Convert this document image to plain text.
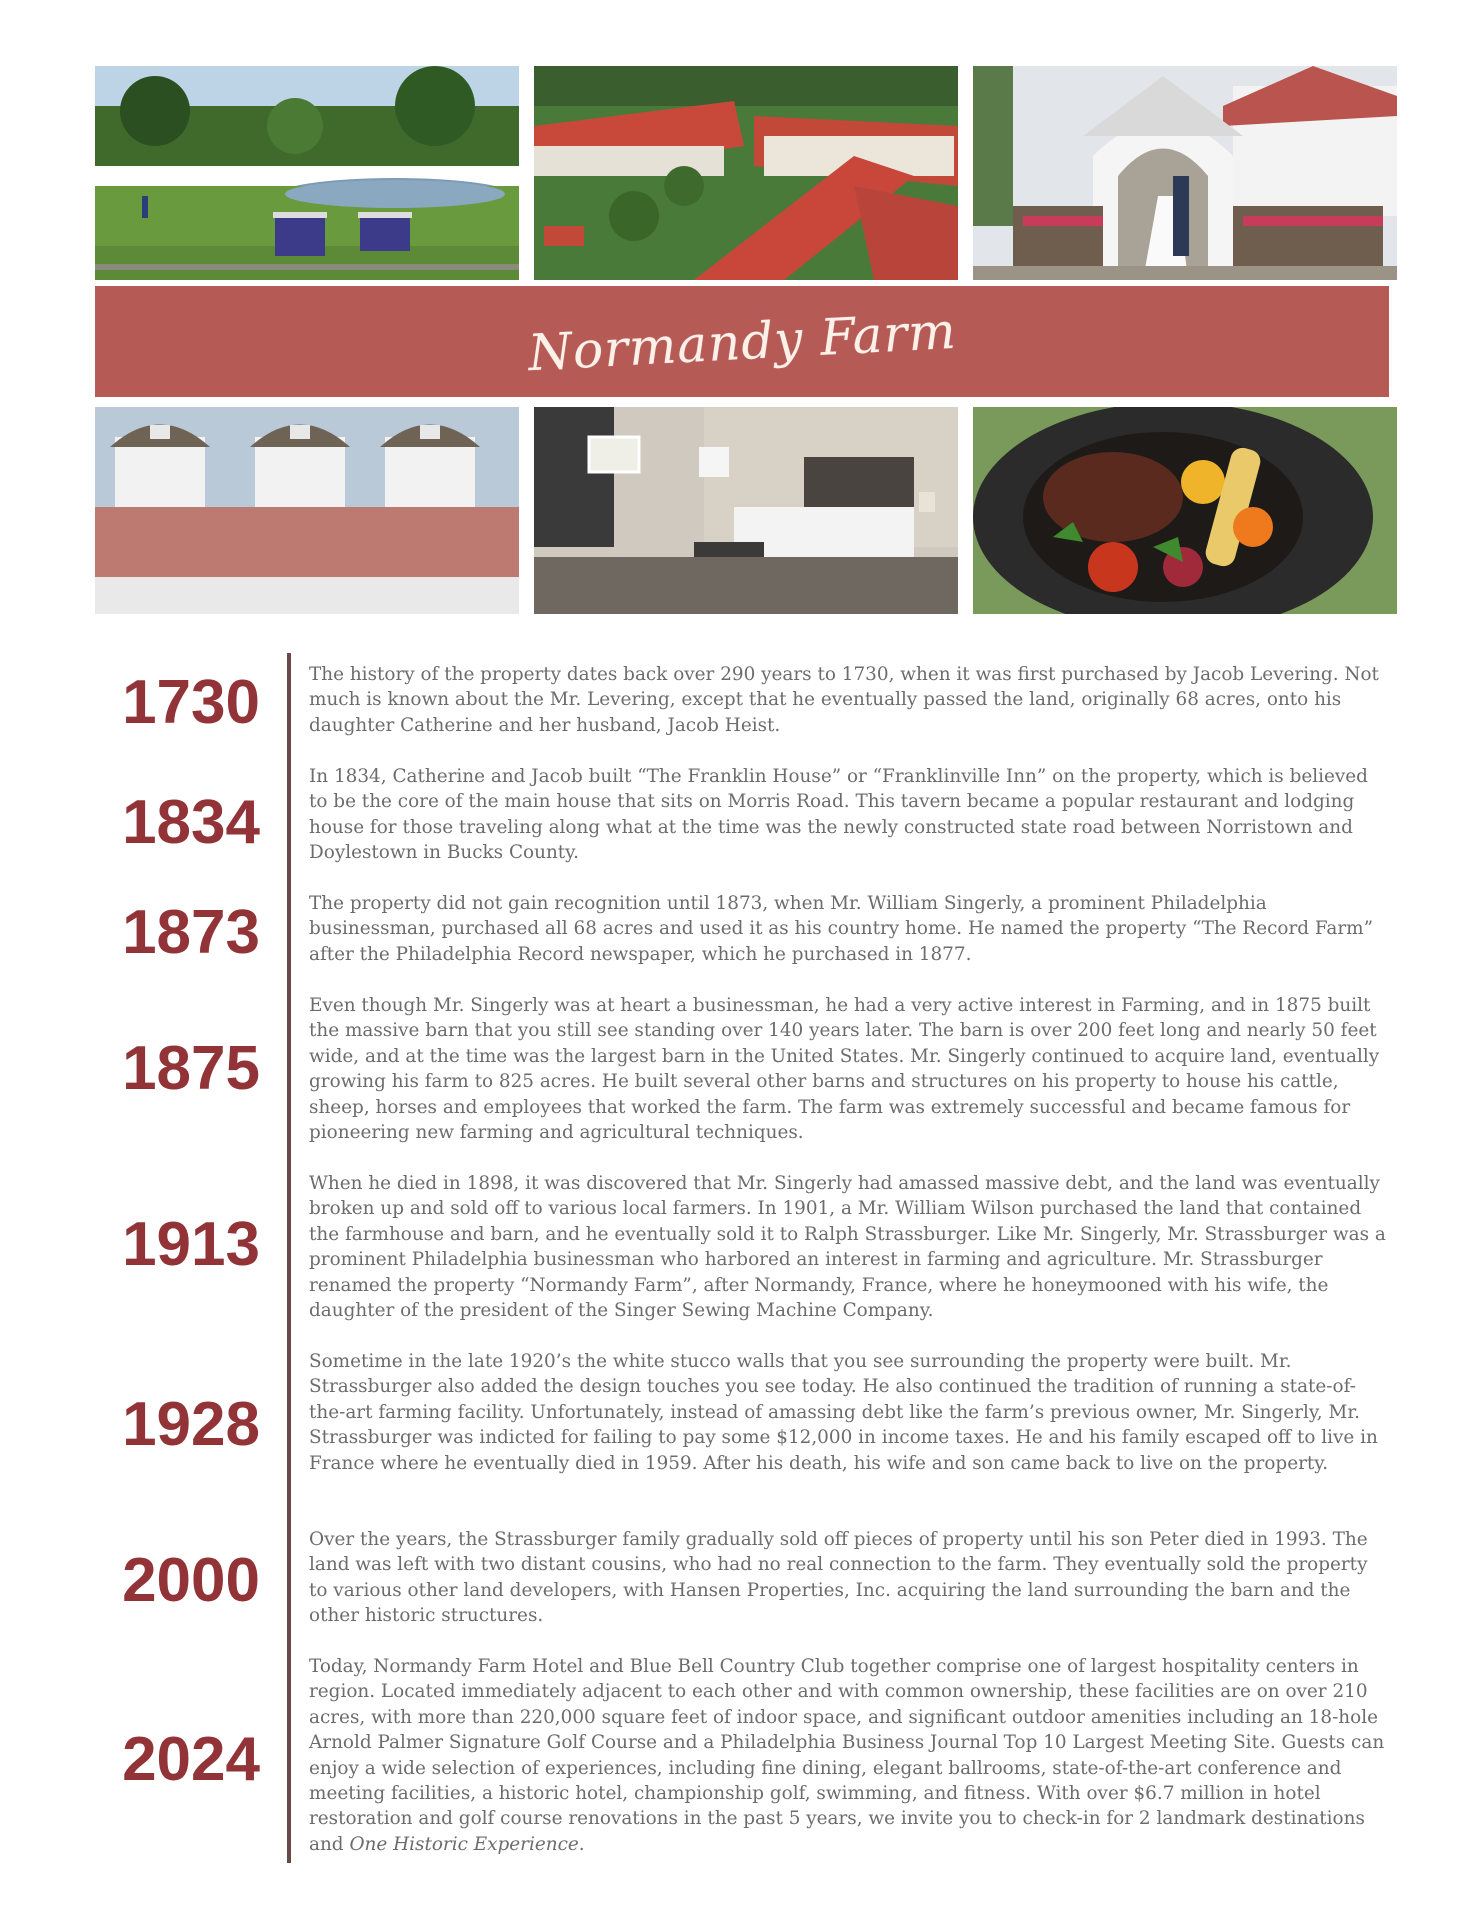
Normandy Farm
1730
1834
1873
1875
1913
1928
2000
2024

The history of the property dates back over 290 years to 1730, when it was first purchased by Jacob Levering. Not much is known about the Mr. Levering, except that he eventually passed the land, originally 68 acres, onto his daughter Catherine and her husband, Jacob Heist.

In 1834, Catherine and Jacob built “The Franklin House” or “Franklinville Inn” on the property, which is believed to be the core of the main house that sits on Morris Road. This tavern became a popular restaurant and lodging house for those traveling along what at the time was the newly constructed state road between Norristown and Doylestown in Bucks County.

The property did not gain recognition until 1873, when Mr. William Singerly, a prominent Philadelphia businessman, purchased all 68 acres and used it as his country home. He named the property “The Record Farm” after the Philadelphia Record newspaper, which he purchased in 1877.

Even though Mr. Singerly was at heart a businessman, he had a very active interest in Farming, and in 1875 built the massive barn that you still see standing over 140 years later. The barn is over 200 feet long and nearly 50 feet wide, and at the time was the largest barn in the United States. Mr. Singerly continued to acquire land, eventually growing his farm to 825 acres. He built several other barns and structures on his property to house his cattle, sheep, horses and employees that worked the farm. The farm was extremely successful and became famous for pioneering new farming and agricultural techniques.

When he died in 1898, it was discovered that Mr. Singerly had amassed massive debt, and the land was eventually broken up and sold off to various local farmers. In 1901, a Mr. William Wilson purchased the land that contained the farmhouse and barn, and he eventually sold it to Ralph Strassburger. Like Mr. Singerly, Mr. Strassburger was a prominent Philadelphia businessman who harbored an interest in farming and agriculture. Mr. Strassburger renamed the property “Normandy Farm”, after Normandy, France, where he honeymooned with his wife, the daughter of the president of the Singer Sewing Machine Company.

Sometime in the late 1920’s the white stucco walls that you see surrounding the property were built. Mr. Strassburger also added the design touches you see today. He also continued the tradition of running a state-of-the-art farming facility. Unfortunately, instead of amassing debt like the farm’s previous owner, Mr. Singerly, Mr. Strassburger was indicted for failing to pay some $12,000 in income taxes. He and his family escaped off to live in France where he eventually died in 1959. After his death, his wife and son came back to live on the property.

Over the years, the Strassburger family gradually sold off pieces of property until his son Peter died in 1993. The land was left with two distant cousins, who had no real connection to the farm. They eventually sold the property to various other land developers, with Hansen Properties, Inc. acquiring the land surrounding the barn and the other historic structures.

Today, Normandy Farm Hotel and Blue Bell Country Club together comprise one of largest hospitality centers in region. Located immediately adjacent to each other and with common ownership, these facilities are on over 210 acres, with more than 220,000 square feet of indoor space, and significant outdoor amenities including an 18-hole Arnold Palmer Signature Golf Course and a Philadelphia Business Journal Top 10 Largest Meeting Site. Guests can enjoy a wide selection of experiences, including fine dining, elegant ballrooms, state-of-the-art conference and meeting facilities, a historic hotel, championship golf, swimming, and fitness. With over $6.7 million in hotel restoration and golf course renovations in the past 5 years, we invite you to check-in for 2 landmark destinations and One Historic Experience.
